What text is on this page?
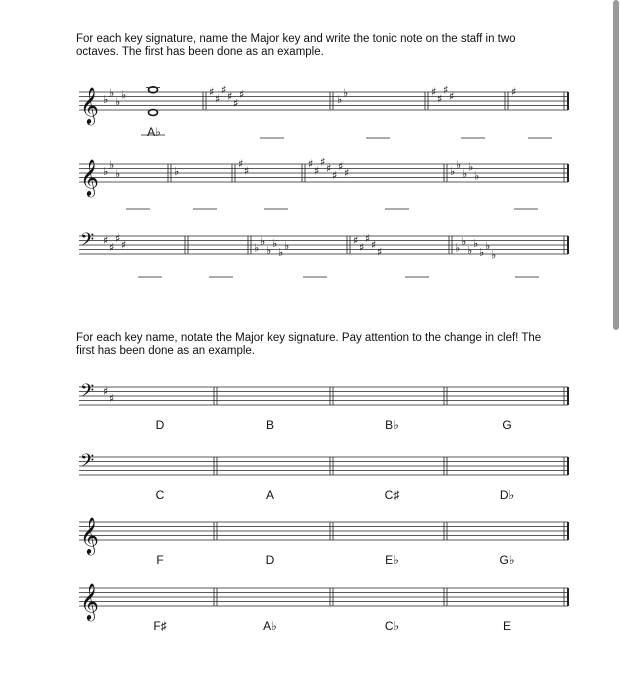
For each key signature, name the Major key and write the tonic note on the staff in two octaves. The first has been done as an example.

For each key name, notate the Major key signature. Pay attention to the change in clef! The first has been done as an example.

𝄞 ♭
♭
♭
♭	♯
♯
♯
♯
♯
♯	♭
♭	♯
♯
♯
♯	♯
𝄞 ♭
♭
♭	♭
♯
♯
♯
♯
♯
♯
♯
♯
♯	♭
♭
♭
♭
♭
𝄢 ♯
♯
♯
♯	♭
♭
♭
♭
♭
♭	♯
♯
♯
♯
♯	♭
♭
♭
♭
♭
♭
♭
𝄢 ♯
♯
𝄢
𝄞
𝄞
A♭
D	B	B♭	G
C	A	C♯	D♭
F	D	E♭	G♭
F♯	A♭	C♭	E
